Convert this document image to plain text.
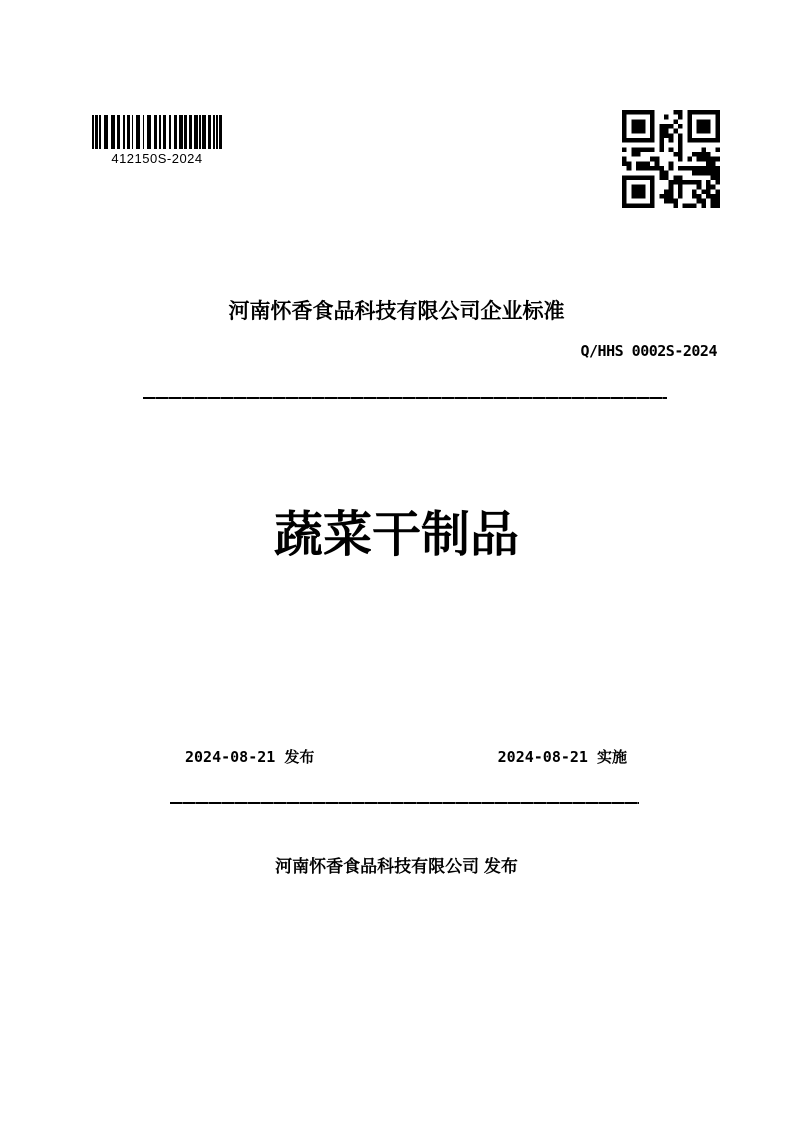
412150S-2024
河南怀香食品科技有限公司企业标准
Q/HHS 0002S-2024
蔬菜干制品
2024-08-21 发布	2024-08-21 实施
河南怀香食品科技有限公司 发布
